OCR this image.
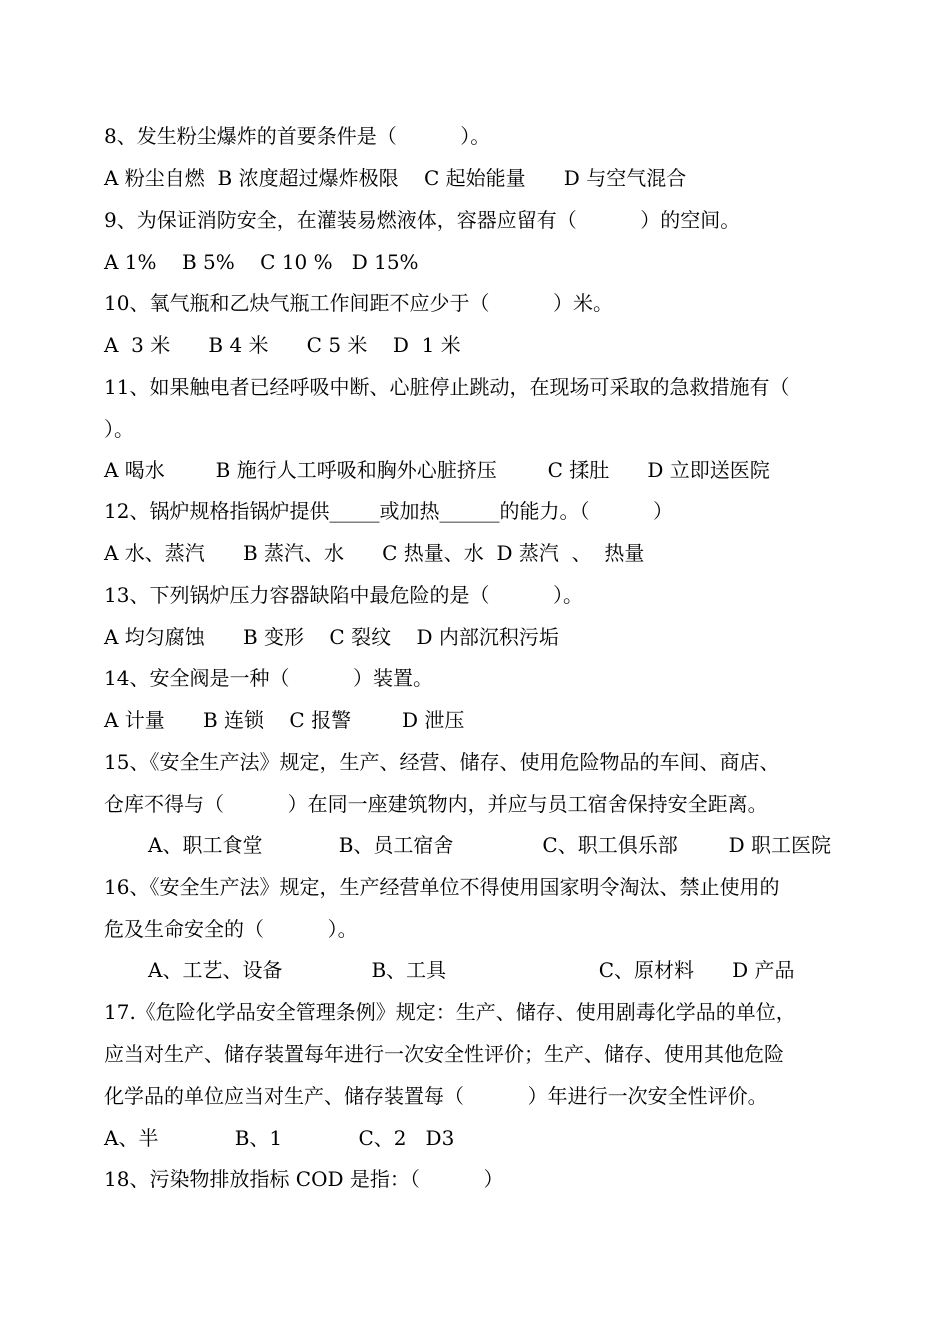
8、发生粉尘爆炸的首要条件是（          ）。
A 粉尘自燃  B 浓度超过爆炸极限    C 起始能量      D 与空气混合
9、为保证消防安全，在灌装易燃液体，容器应留有（          ）的空间。
A 1%    B 5%    C 10 %   D 15%
10、氧气瓶和乙炔气瓶工作间距不应少于（          ）米。
A  3 米      B 4 米      C 5 米    D  1 米
11、如果触电者已经呼吸中断、心脏停止跳动，在现场可采取的急救措施有（
）。
A 喝水        B 施行人工呼吸和胸外心脏挤压        C 揉肚      D 立即送医院
12、锅炉规格指锅炉提供_____或加热______的能力。（          ）
A 水、蒸汽      B 蒸汽、水      C 热量、水  D 蒸汽  、  热量
13、下列锅炉压力容器缺陷中最危险的是（          ）。
A 均匀腐蚀      B 变形    C 裂纹    D 内部沉积污垢
14、安全阀是一种（          ）装置。
A 计量      B 连锁    C 报警        D 泄压
15、《安全生产法》规定，生产、经营、储存、使用危险物品的车间、商店、
仓库不得与（          ）在同一座建筑物内，并应与员工宿舍保持安全距离。
A、职工食堂            B、员工宿舍              C、职工俱乐部        D 职工医院
16、《安全生产法》规定，生产经营单位不得使用国家明令淘汰、禁止使用的
危及生命安全的（          ）。
A、工艺、设备              B、工具                        C、原材料      D 产品
17.《危险化学品安全管理条例》规定：生产、储存、使用剧毒化学品的单位，
应当对生产、储存装置每年进行一次安全性评价；生产、储存、使用其他危险
化学品的单位应当对生产、储存装置每（          ）年进行一次安全性评价。
A、半            B、1            C、2   D3
18、污染物排放指标 COD 是指：（          ）
